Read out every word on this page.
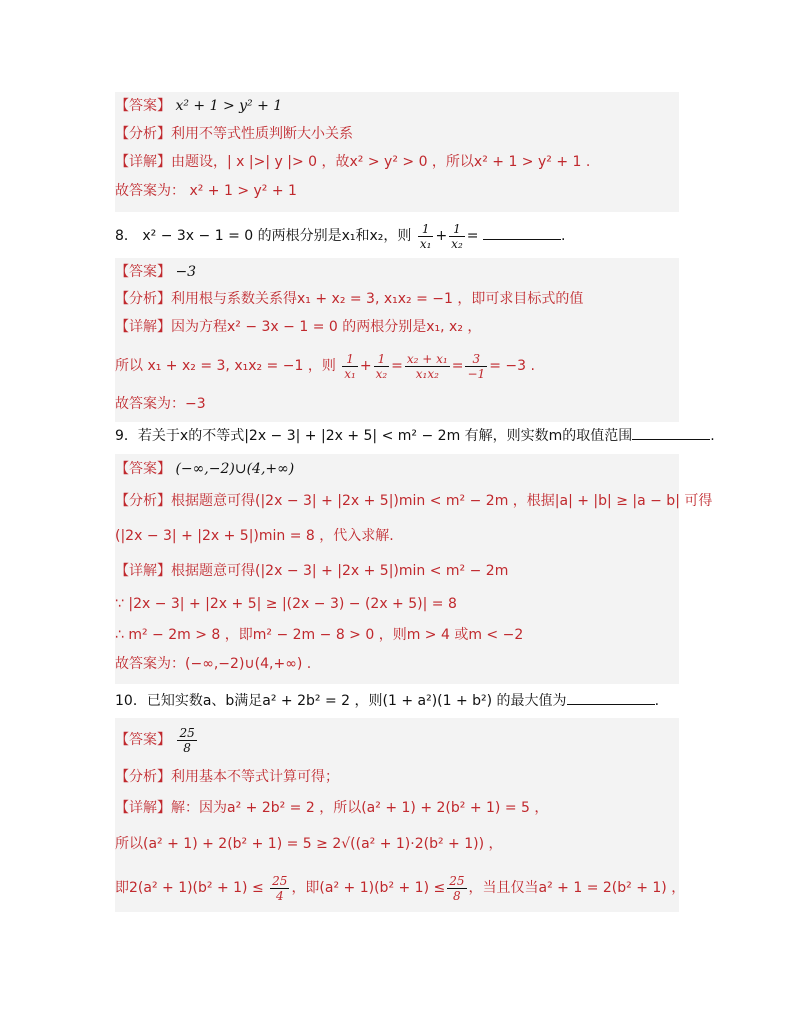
【答案】 x² + 1 > y² + 1
【分析】利用不等式性质判断大小关系
【详解】由题设，| x |>| y |> 0 ，故x² > y² > 0 ，所以x² + 1 > y² + 1 .
故答案为： x² + 1 > y² + 1
8． x² − 3x − 1 = 0 的两根分别是x₁和x₂，则 $\frac{1}{\text{x₁}} + \frac{1}{\text{x₂}}$ =	.
【答案】 −3
【分析】利用根与系数关系得x₁ + x₂ = 3, x₁x₂ = −1 ，即可求目标式的值
【详解】因为方程x² − 3x − 1 = 0 的两根分别是x₁, x₂ ，
所以 x₁ + x₂ = 3, x₁x₂ = −1 ，则 $\frac{1}{\text{x₁}} + \frac{1}{\text{x₂}} = \frac{\text{x₂ + x₁}}{\text{x₁x₂}} = \frac{3}{-1} = -3$ .
故答案为：−3
9．若关于x的不等式|2x − 3| + |2x + 5| < m² − 2m 有解，则实数m的取值范围	.
【答案】 (−∞,−2)∪(4,+∞)
【分析】根据题意可得(|2x − 3| + |2x + 5|)min < m² − 2m ，根据|a| + |b| ≥ |a − b| 可得
(|2x − 3| + |2x + 5|)min = 8 ，代入求解.
【详解】根据题意可得(|2x − 3| + |2x + 5|)min < m² − 2m
∵ |2x − 3| + |2x + 5| ≥ |(2x − 3) − (2x + 5)| = 8
∴ m² − 2m > 8 ，即m² − 2m − 8 > 0 ，则m > 4 或m < −2
故答案为：(−∞,−2)∪(4,+∞) .
10．已知实数a、b满足a² + 2b² = 2 ，则(1 + a²)(1 + b²) 的最大值为	.
【答案】 $\frac{25}{8}$
【分析】利用基本不等式计算可得；
【详解】解：因为a² + 2b² = 2 ，所以(a² + 1) + 2(b² + 1) = 5 ，
所以(a² + 1) + 2(b² + 1) = 5 ≥ 2√((a² + 1)·2(b² + 1)) ，
即$2(a^2 + 1)(b^2 + 1) \le \frac{25}{4}$ ，即$(a^2 + 1)(b^2 + 1) \le \frac{25}{8}$ ，当且仅当a² + 1 = 2(b² + 1) ，
